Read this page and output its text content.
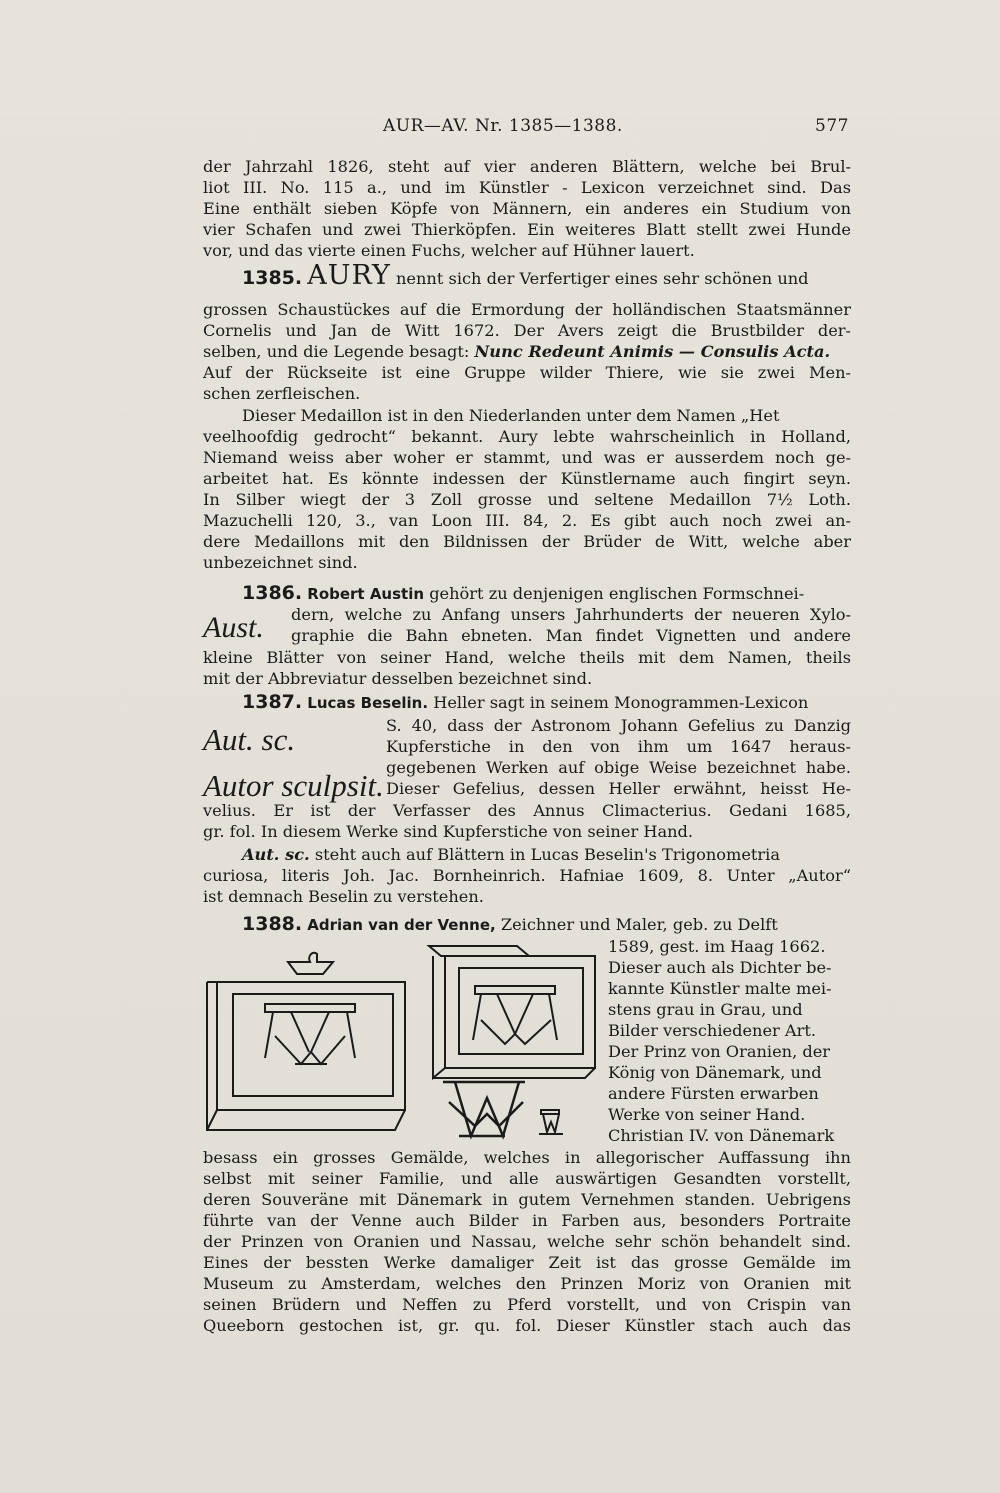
AUR—AV. Nr. 1385—1388.	577
der Jahrzahl 1826, steht auf vier anderen Blättern, welche bei Brul-
liot III. No. 115 a., und im Künstler - Lexicon verzeichnet sind. Das
Eine enthält sieben Köpfe von Männern, ein anderes ein Studium von
vier Schafen und zwei Thierköpfen. Ein weiteres Blatt stellt zwei Hunde
vor, und das vierte einen Fuchs, welcher auf Hühner lauert.
1385. AURY nennt sich der Verfertiger eines sehr schönen und
grossen Schaustückes auf die Ermordung der holländischen Staatsmänner
Cornelis und Jan de Witt 1672. Der Avers zeigt die Brustbilder der-
selben, und die Legende besagt: Nunc Redeunt Animis — Consulis Acta.
Auf der Rückseite ist eine Gruppe wilder Thiere, wie sie zwei Men-
schen zerfleischen.
Dieser Medaillon ist in den Niederlanden unter dem Namen „Het
veelhoofdig gedrocht“ bekannt. Aury lebte wahrscheinlich in Holland,
Niemand weiss aber woher er stammt, und was er ausserdem noch ge-
arbeitet hat. Es könnte indessen der Künstlername auch fingirt seyn.
In Silber wiegt der 3 Zoll grosse und seltene Medaillon 7½ Loth.
Mazuchelli 120, 3., van Loon III. 84, 2. Es gibt auch noch zwei an-
dere Medaillons mit den Bildnissen der Brüder de Witt, welche aber
unbezeichnet sind.
1386. Robert Austin gehört zu denjenigen englischen Formschnei-
Aust. dern, welche zu Anfang unsers Jahrhunderts der neueren Xylo-
graphie die Bahn ebneten. Man findet Vignetten und andere
kleine Blätter von seiner Hand, welche theils mit dem Namen, theils
mit der Abbreviatur desselben bezeichnet sind.
1387. Lucas Beselin. Heller sagt in seinem Monogrammen-Lexicon
Aut. sc.
Autor sculpsit.
S. 40, dass der Astronom Johann Gefelius zu Danzig
Kupferstiche in den von ihm um 1647 heraus-
gegebenen Werken auf obige Weise bezeichnet habe.
Dieser Gefelius, dessen Heller erwähnt, heisst He-
velius. Er ist der Verfasser des Annus Climacterius. Gedani 1685,
gr. fol. In diesem Werke sind Kupferstiche von seiner Hand.
Aut. sc. steht auch auf Blättern in Lucas Beselin's Trigonometria
curiosa, literis Joh. Jac. Bornheinrich. Hafniae 1609, 8. Unter „Autor“
ist demnach Beselin zu verstehen.
1388. Adrian van der Venne, Zeichner und Maler, geb. zu Delft
1589, gest. im Haag 1662.
Dieser auch als Dichter be-
kannte Künstler malte mei-
stens grau in Grau, und
Bilder verschiedener Art.
Der Prinz von Oranien, der
König von Dänemark, und
andere Fürsten erwarben
Werke von seiner Hand.
Christian IV. von Dänemark
besass ein grosses Gemälde, welches in allegorischer Auffassung ihn
selbst mit seiner Familie, und alle auswärtigen Gesandten vorstellt,
deren Souveräne mit Dänemark in gutem Vernehmen standen. Uebrigens
führte van der Venne auch Bilder in Farben aus, besonders Portraite
der Prinzen von Oranien und Nassau, welche sehr schön behandelt sind.
Eines der bessten Werke damaliger Zeit ist das grosse Gemälde im
Museum zu Amsterdam, welches den Prinzen Moriz von Oranien mit
seinen Brüdern und Neffen zu Pferd vorstellt, und von Crispin van
Queeborn gestochen ist, gr. qu. fol. Dieser Künstler stach auch das
